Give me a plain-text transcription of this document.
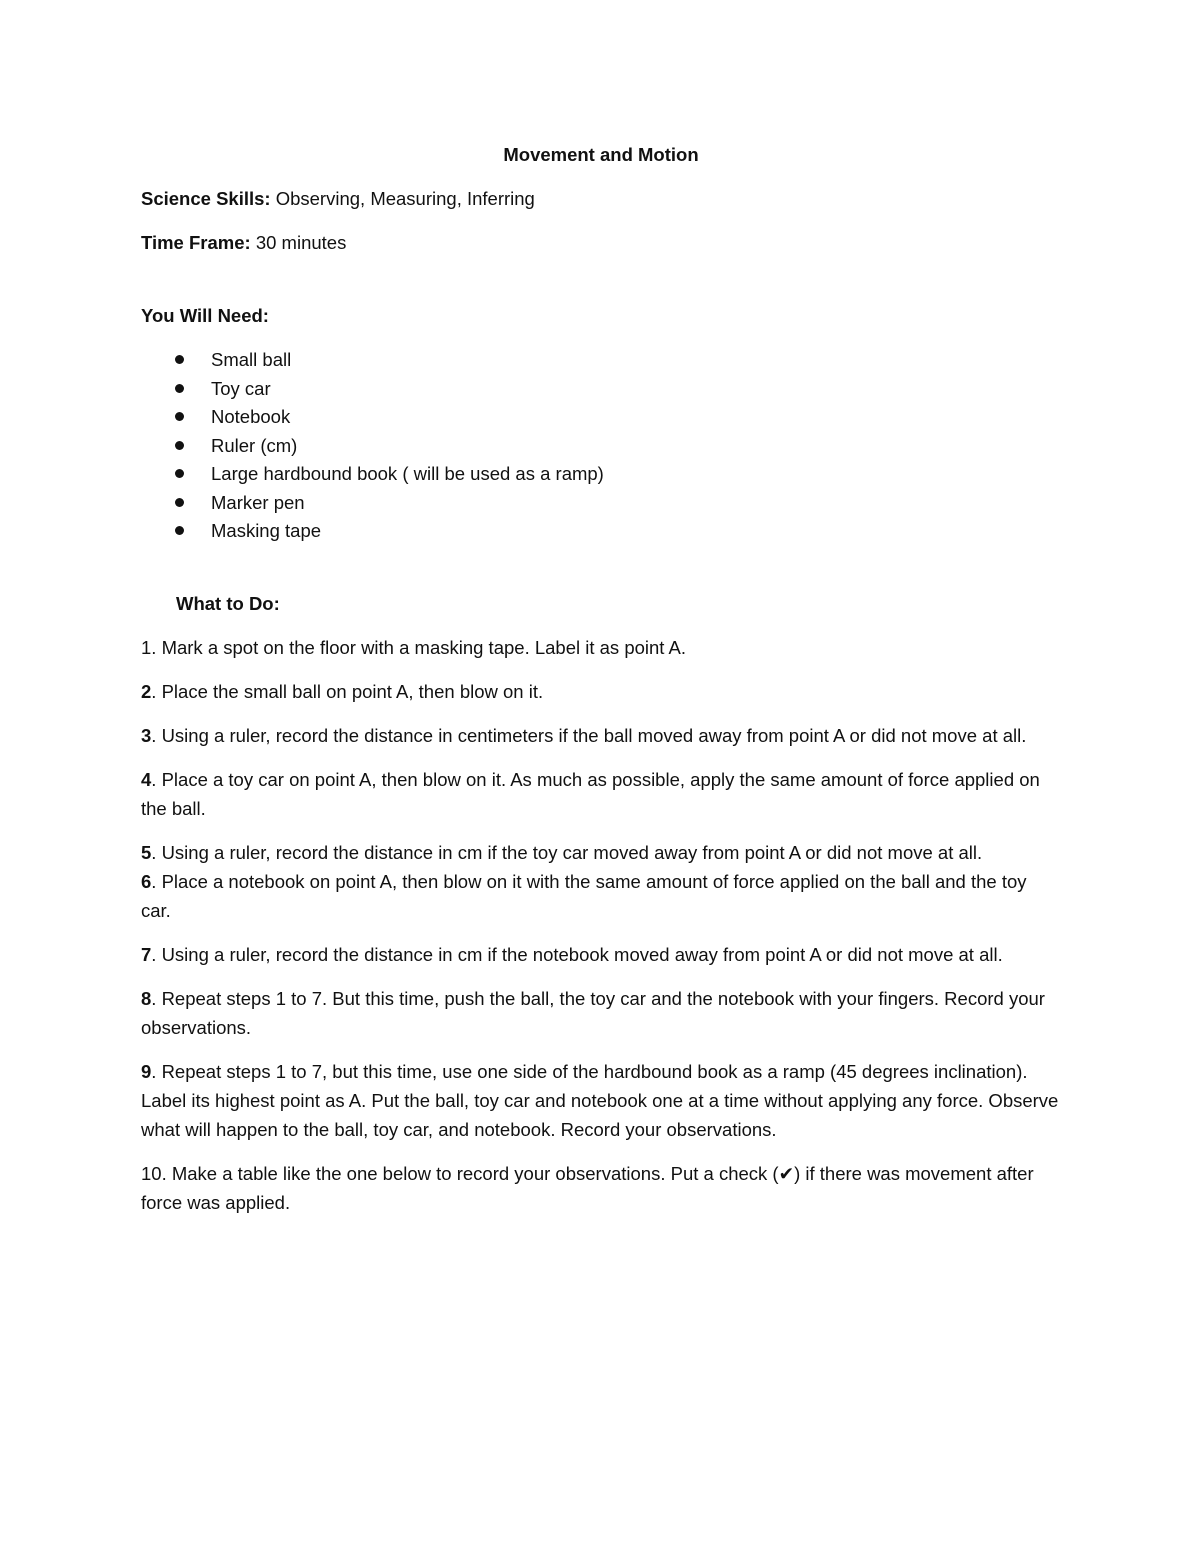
Movement and Motion
Science Skills: Observing, Measuring, Inferring
Time Frame: 30 minutes
You Will Need:
Small ball
Toy car
Notebook
Ruler (cm)
Large hardbound book ( will be used as a ramp)
Marker pen
Masking tape
What to Do:
1. Mark a spot on the floor with a masking tape. Label it as point A.
2. Place the small ball on point A, then blow on it.
3. Using a ruler, record the distance in centimeters if the ball moved away from point A or did not move at all.
4. Place a toy car on point A, then blow on it. As much as possible, apply the same amount of force applied on the ball.
5. Using a ruler, record the distance in cm if the toy car moved away from point A or did not move at all.
6. Place a notebook on point A, then blow on it with the same amount of force applied on the ball and the toy car.
7. Using a ruler, record the distance in cm if the notebook moved away from point A or did not move at all.
8. Repeat steps 1 to 7. But this time, push the ball, the toy car and the notebook with your fingers. Record your observations.
9. Repeat steps 1 to 7, but this time, use one side of the hardbound book as a ramp (45 degrees inclination). Label its highest point as A. Put the ball, toy car and notebook one at a time without applying any force. Observe what will happen to the ball, toy car, and notebook. Record your observations.
10. Make a table like the one below to record your observations. Put a check (✔) if there was movement after force was applied.
